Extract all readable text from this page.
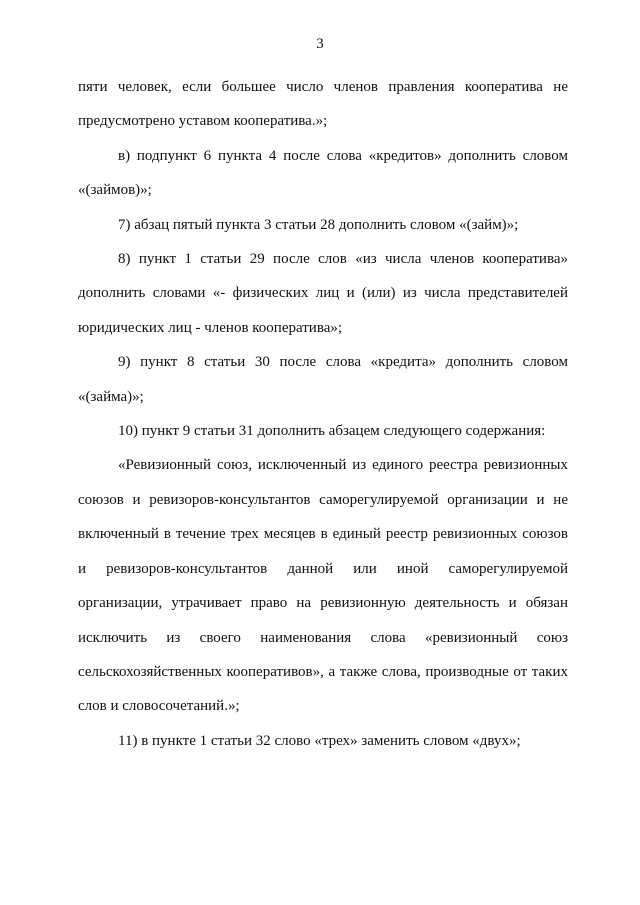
3

пяти человек, если большее число членов правления кооператива не предусмотрено уставом кооператива.»;

в) подпункт 6 пункта 4 после слова «кредитов» дополнить словом «(займов)»;

7) абзац пятый пункта 3 статьи 28 дополнить словом «(займ)»;

8) пункт 1 статьи 29 после слов «из числа членов кооператива» дополнить словами «- физических лиц и (или) из числа представителей юридических лиц - членов кооператива»;

9) пункт 8 статьи 30 после слова «кредита» дополнить словом «(займа)»;

10) пункт 9 статьи 31 дополнить абзацем следующего содержания:

«Ревизионный союз, исключенный из единого реестра ревизионных союзов и ревизоров-консультантов саморегулируемой организации и не включенный в течение трех месяцев в единый реестр ревизионных союзов и ревизоров-консультантов данной или иной саморегулируемой организации, утрачивает право на ревизионную деятельность и обязан исключить из своего наименования слова «ревизионный союз сельскохозяйственных кооперативов», а также слова, производные от таких слов и словосочетаний.»;

11) в пункте 1 статьи 32 слово «трех» заменить словом «двух»;
